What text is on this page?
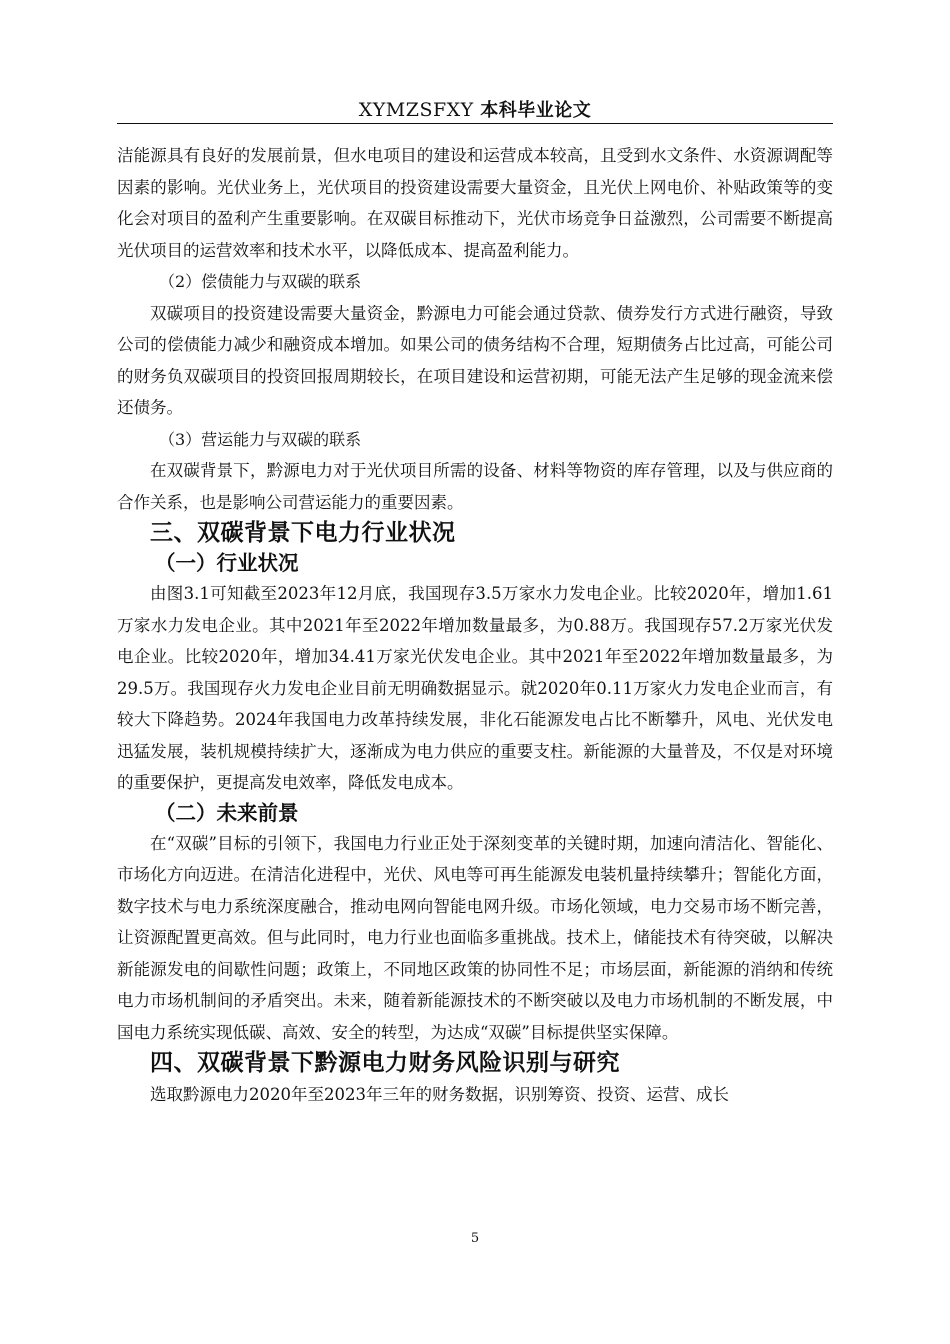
XYMZSFXY 本科毕业论文

洁能源具有良好的发展前景，但水电项目的建设和运营成本较高，且受到水文条件、水资源调配等因素的影响。光伏业务上，光伏项目的投资建设需要大量资金，且光伏上网电价、补贴政策等的变化会对项目的盈利产生重要影响。在双碳目标推动下，光伏市场竞争日益激烈，公司需要不断提高光伏项目的运营效率和技术水平，以降低成本、提高盈利能力。

（2）偿债能力与双碳的联系

双碳项目的投资建设需要大量资金，黔源电力可能会通过贷款、债券发行方式进行融资，导致公司的偿债能力减少和融资成本增加。如果公司的债务结构不合理，短期债务占比过高，可能公司的财务负双碳项目的投资回报周期较长，在项目建设和运营初期，可能无法产生足够的现金流来偿还债务。

（3）营运能力与双碳的联系

在双碳背景下，黔源电力对于光伏项目所需的设备、材料等物资的库存管理，以及与供应商的合作关系，也是影响公司营运能力的重要因素。

三、双碳背景下电力行业状况
（一）行业状况

由图3.1可知截至2023年12月底，我国现存3.5万家水力发电企业。比较2020年，增加1.61万家水力发电企业。其中2021年至2022年增加数量最多，为0.88万。我国现存57.2万家光伏发电企业。比较2020年，增加34.41万家光伏发电企业。其中2021年至2022年增加数量最多，为29.5万。我国现存火力发电企业目前无明确数据显示。就2020年0.11万家火力发电企业而言，有较大下降趋势。2024年我国电力改革持续发展，非化石能源发电占比不断攀升，风电、光伏发电迅猛发展，装机规模持续扩大，逐渐成为电力供应的重要支柱。新能源的大量普及，不仅是对环境的重要保护，更提高发电效率，降低发电成本。

（二）未来前景

在“双碳”目标的引领下，我国电力行业正处于深刻变革的关键时期，加速向清洁化、智能化、市场化方向迈进。在清洁化进程中，光伏、风电等可再生能源发电装机量持续攀升；智能化方面，数字技术与电力系统深度融合，推动电网向智能电网升级。市场化领域，电力交易市场不断完善，让资源配置更高效。但与此同时，电力行业也面临多重挑战。技术上，储能技术有待突破，以解决新能源发电的间歇性问题；政策上，不同地区政策的协同性不足；市场层面，新能源的消纳和传统电力市场机制间的矛盾突出。未来，随着新能源技术的不断突破以及电力市场机制的不断发展，中国电力系统实现低碳、高效、安全的转型，为达成“双碳”目标提供坚实保障。

四、双碳背景下黔源电力财务风险识别与研究

选取黔源电力2020年至2023年三年的财务数据，识别筹资、投资、运营、成长

5
